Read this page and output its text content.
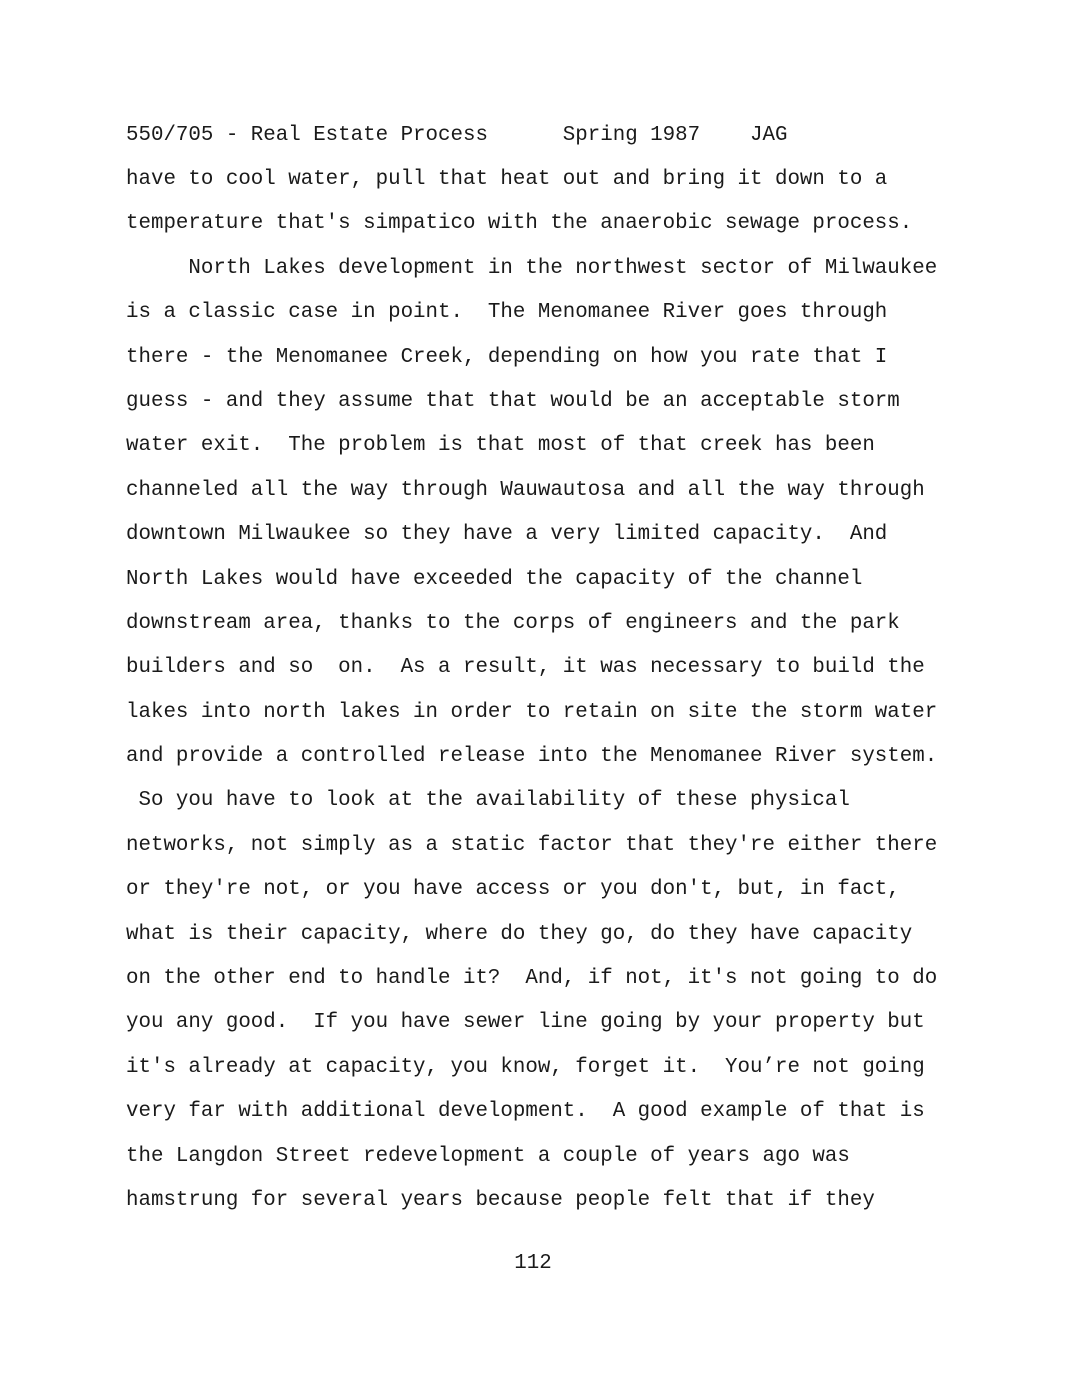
550/705 - Real Estate Process      Spring 1987    JAG
have to cool water, pull that heat out and bring it down to a
temperature that's simpatico with the anaerobic sewage process.
North Lakes development in the northwest sector of Milwaukee
is a classic case in point.  The Menomanee River goes through
there - the Menomanee Creek, depending on how you rate that I
guess - and they assume that that would be an acceptable storm
water exit.  The problem is that most of that creek has been
channeled all the way through Wauwautosa and all the way through
downtown Milwaukee so they have a very limited capacity.  And
North Lakes would have exceeded the capacity of the channel
downstream area, thanks to the corps of engineers and the park
builders and so  on.  As a result, it was necessary to build the
lakes into north lakes in order to retain on site the storm water
and provide a controlled release into the Menomanee River system.
So you have to look at the availability of these physical
networks, not simply as a static factor that they're either there
or they're not, or you have access or you don't, but, in fact,
what is their capacity, where do they go, do they have capacity
on the other end to handle it?  And, if not, it's not going to do
you any good.  If you have sewer line going by your property but
it's already at capacity, you know, forget it.  You’re not going
very far with additional development.  A good example of that is
the Langdon Street redevelopment a couple of years ago was
hamstrung for several years because people felt that if they
112
